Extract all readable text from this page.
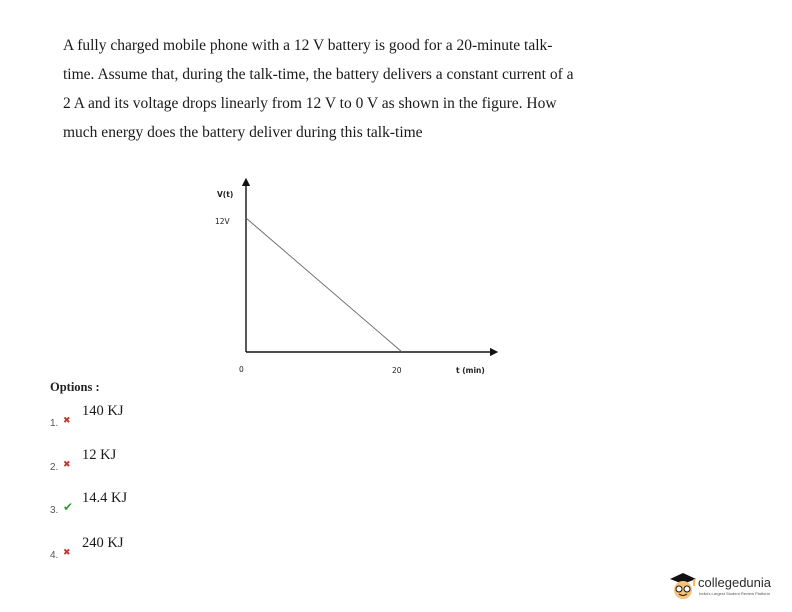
A fully charged mobile phone with a 12 V battery is good for a 20-minute talk-

time. Assume that, during the talk-time, the battery delivers a constant current of a

2 A and its voltage drops linearly from 12 V to 0 V as shown in the figure. How

much energy does the battery deliver during this talk-time

V(t)
12V
0	20	t (min)
Options :
1. ✖
140 KJ
2. ✖
12 KJ
3. ✔
14.4 KJ
4. ✖
240 KJ
collegedunia
India's Largest Student Review Platform
